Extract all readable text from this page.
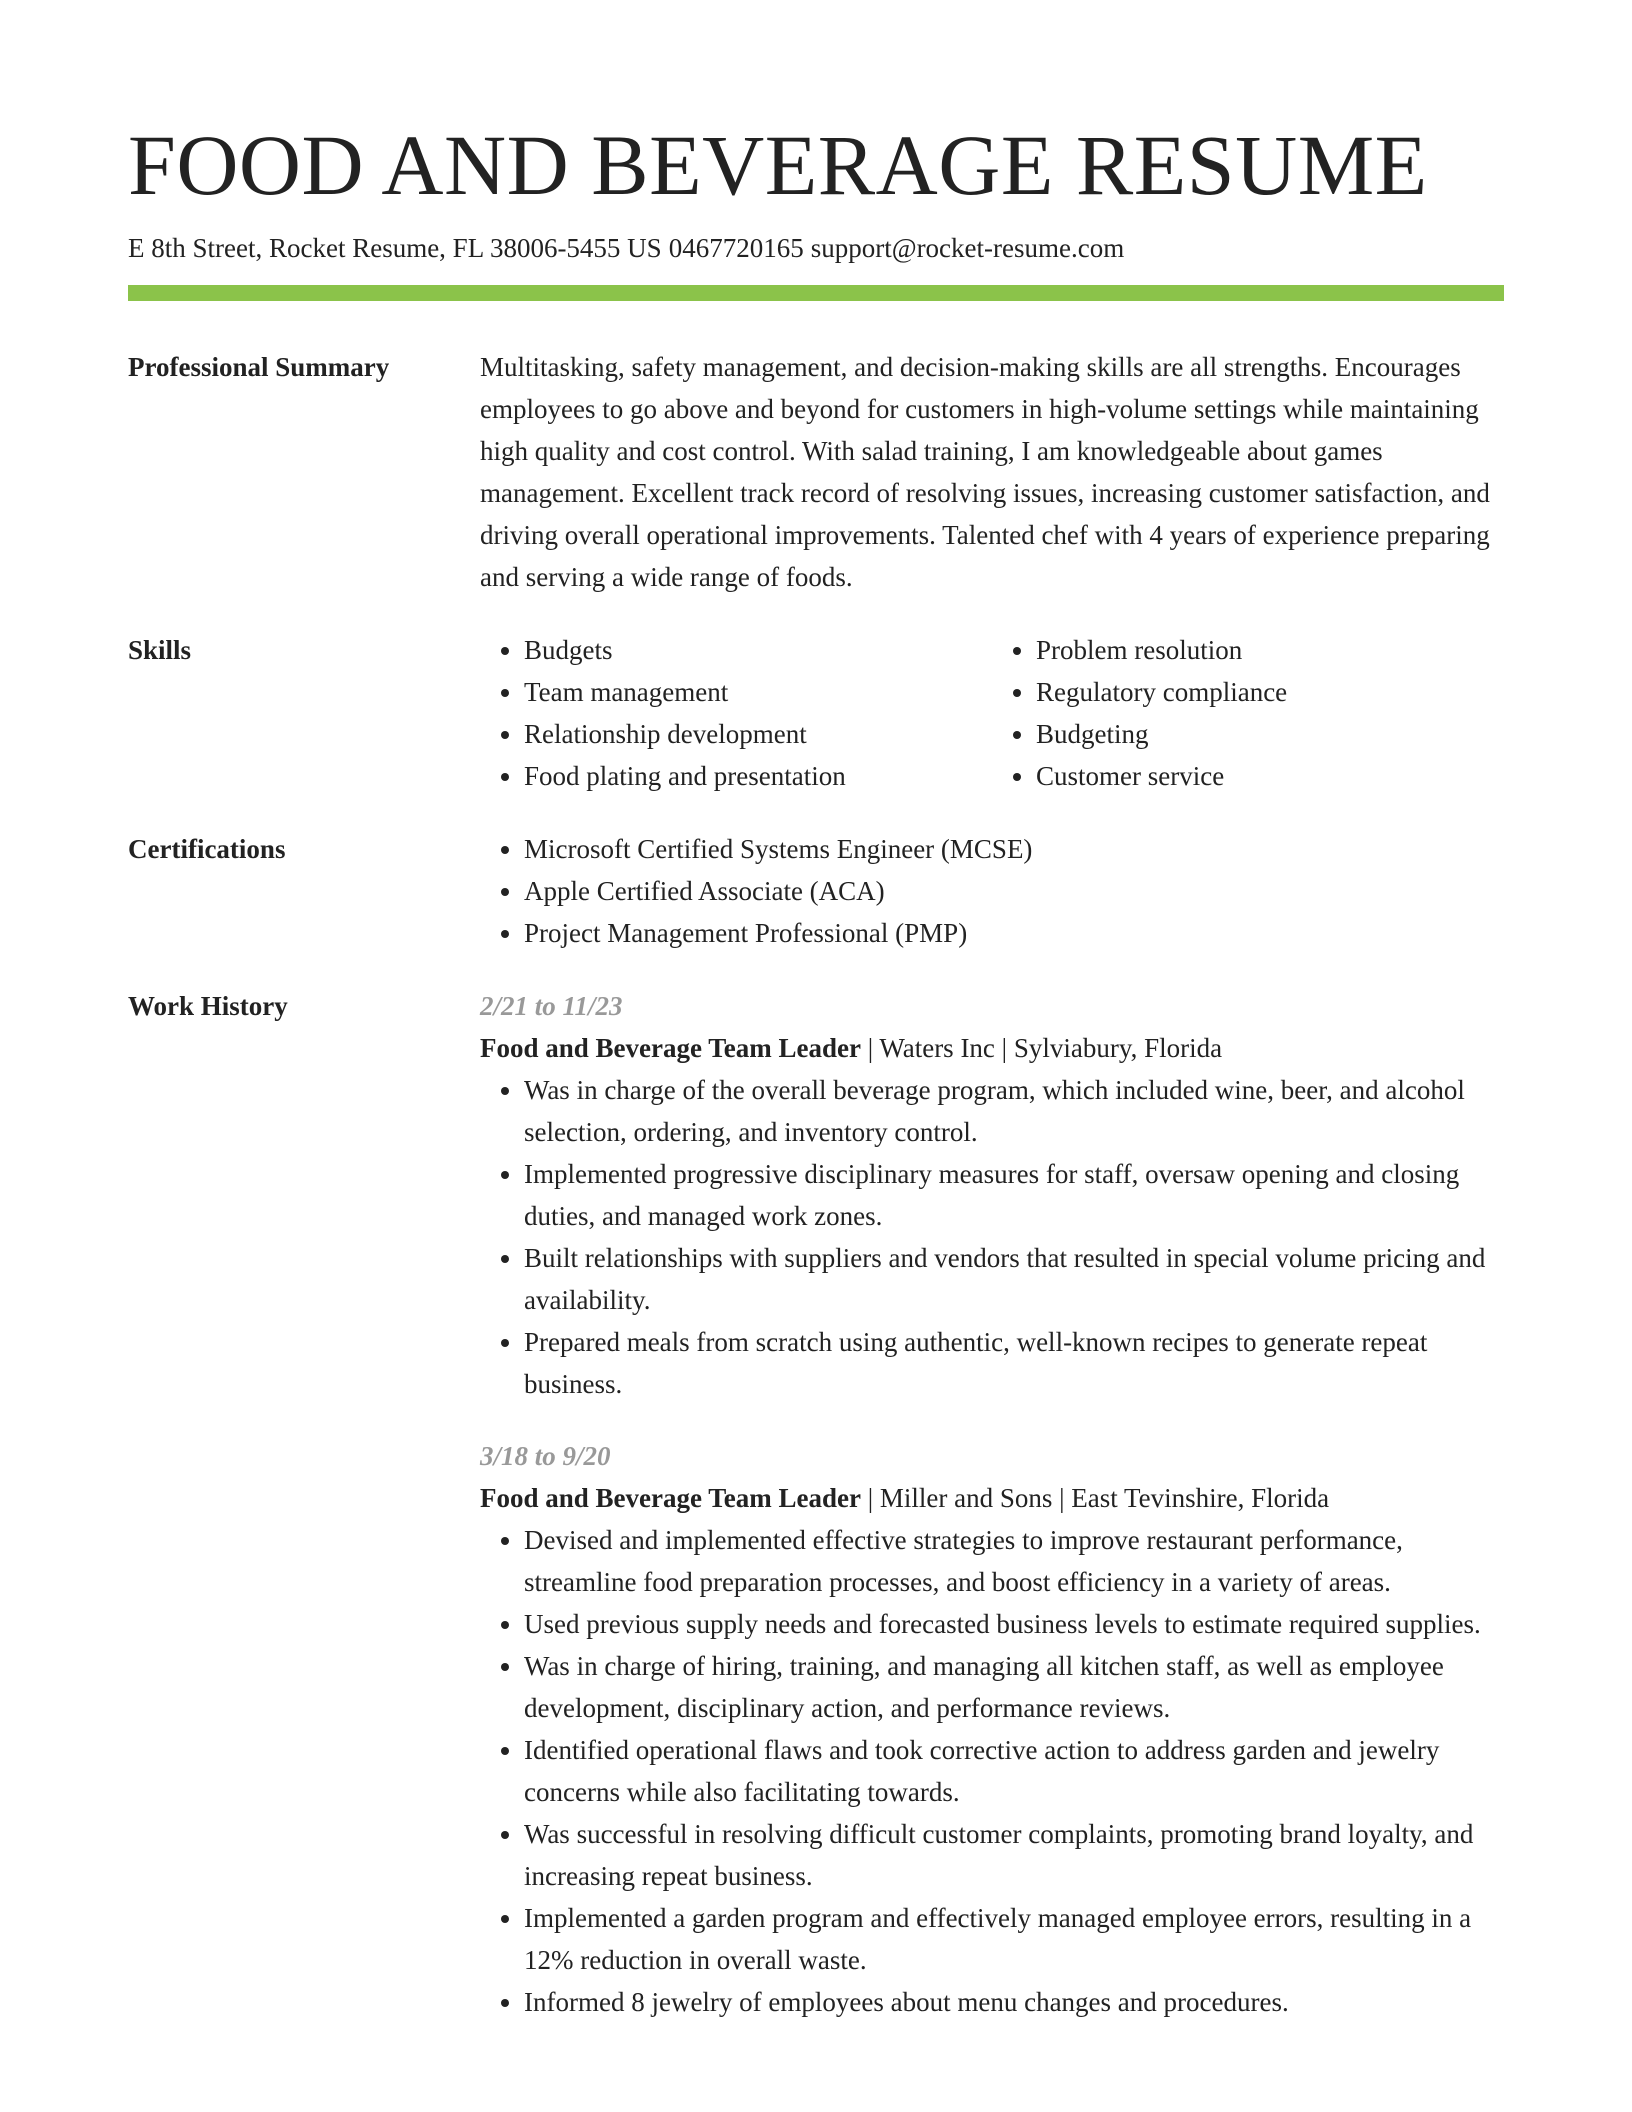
FOOD AND BEVERAGE RESUME
E 8th Street, Rocket Resume, FL 38006-5455 US 0467720165 support@rocket-resume.com
Professional Summary	Multitasking, safety management, and decision-making skills are all strengths. Encourages employees to go above and beyond for customers in high-volume settings while maintaining high quality and cost control. With salad training, I am knowledgeable about games management. Excellent track record of resolving issues, increasing customer satisfaction, and driving overall operational improvements. Talented chef with 4 years of experience preparing and serving a wide range of foods.

Skills	• Budgets
• Team management
• Relationship development
• Food plating and presentation
• Problem resolution
• Regulatory compliance
• Budgeting
• Customer service
Certifications	• Microsoft Certified Systems Engineer (MCSE)
• Apple Certified Associate (ACA)
• Project Management Professional (PMP)
Work History	2/21 to 11/23
Food and Beverage Team Leader | Waters Inc | Sylviabury, Florida
• Was in charge of the overall beverage program, which included wine, beer, and alcohol selection, ordering, and inventory control.
• Implemented progressive disciplinary measures for staff, oversaw opening and closing duties, and managed work zones.
• Built relationships with suppliers and vendors that resulted in special volume pricing and availability.
• Prepared meals from scratch using authentic, well-known recipes to generate repeat business.
3/18 to 9/20
Food and Beverage Team Leader | Miller and Sons | East Tevinshire, Florida
• Devised and implemented effective strategies to improve restaurant performance, streamline food preparation processes, and boost efficiency in a variety of areas.
• Used previous supply needs and forecasted business levels to estimate required supplies.
• Was in charge of hiring, training, and managing all kitchen staff, as well as employee development, disciplinary action, and performance reviews.
• Identified operational flaws and took corrective action to address garden and jewelry concerns while also facilitating towards.
• Was successful in resolving difficult customer complaints, promoting brand loyalty, and increasing repeat business.
• Implemented a garden program and effectively managed employee errors, resulting in a 12% reduction in overall waste.
• Informed 8 jewelry of employees about menu changes and procedures.
